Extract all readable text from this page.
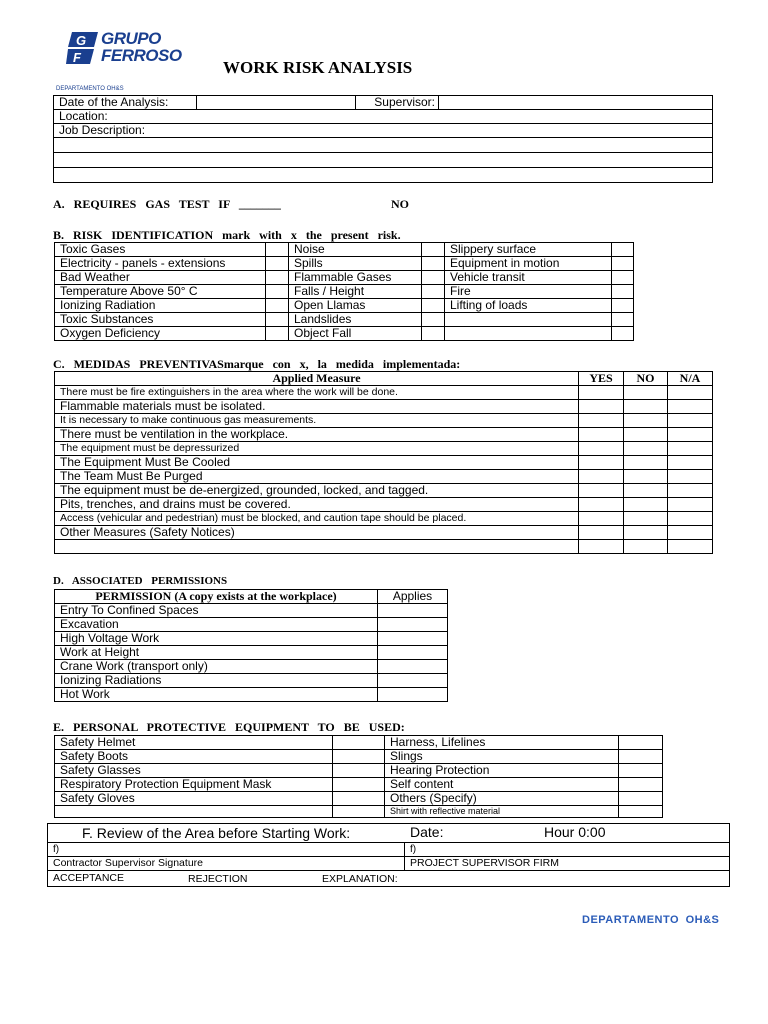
G
F
GRUPO
FERROSO
DEPARTAMENTO OH&S
WORK RISK ANALYSIS
Date of the Analysis:		Supervisor:	
Location:
Job Description:

A. REQUIRES GAS TEST IF _______	NO
B. RISK IDENTIFICATION mark with x the present risk.
Toxic Gases		Noise		Slippery surface	
Electricity - panels - extensions		Spills		Equipment in motion	
Bad Weather		Flammable Gases		Vehicle transit	
Temperature Above 50° C		Falls / Height		Fire	
Ionizing Radiation		Open Llamas		Lifting of loads	
Toxic Substances		Landslides			
Oxygen Deficiency		Object Fall			
C. MEDIDAS PREVENTIVASmarque con x, la medida implementada:
Applied Measure	YES	NO	N/A
There must be fire extinguishers in the area where the work will be done.			
Flammable materials must be isolated.			
It is necessary to make continuous gas measurements.			
There must be ventilation in the workplace.			
The equipment must be depressurized			
The Equipment Must Be Cooled			
The Team Must Be Purged			
The equipment must be de-energized, grounded, locked, and tagged.			
Pits, trenches, and drains must be covered.			
Access (vehicular and pedestrian) must be blocked, and caution tape should be placed.			
Other Measures (Safety Notices)			

D. ASSOCIATED PERMISSIONS
PERMISSION (A copy exists at the workplace)	Applies
Entry To Confined Spaces	
Excavation	
High Voltage Work	
Work at Height	
Crane Work (transport only)	
Ionizing Radiations	
Hot Work	
E. PERSONAL PROTECTIVE EQUIPMENT TO BE USED:
Safety Helmet		Harness, Lifelines	
Safety Boots		Slings	
Safety Glasses		Hearing Protection	
Respiratory Protection Equipment Mask		Self content	
Safety Gloves		Others (Specify)	
		Shirt with reflective material	
F. Review of the Area before Starting Work: Date: Hour 0:00	

f)	f)
Contractor Supervisor Signature	PROJECT SUPERVISOR FIRM
ACCEPTANCE REJECTION EXPLANATION:	
DEPARTAMENTO OH&S
